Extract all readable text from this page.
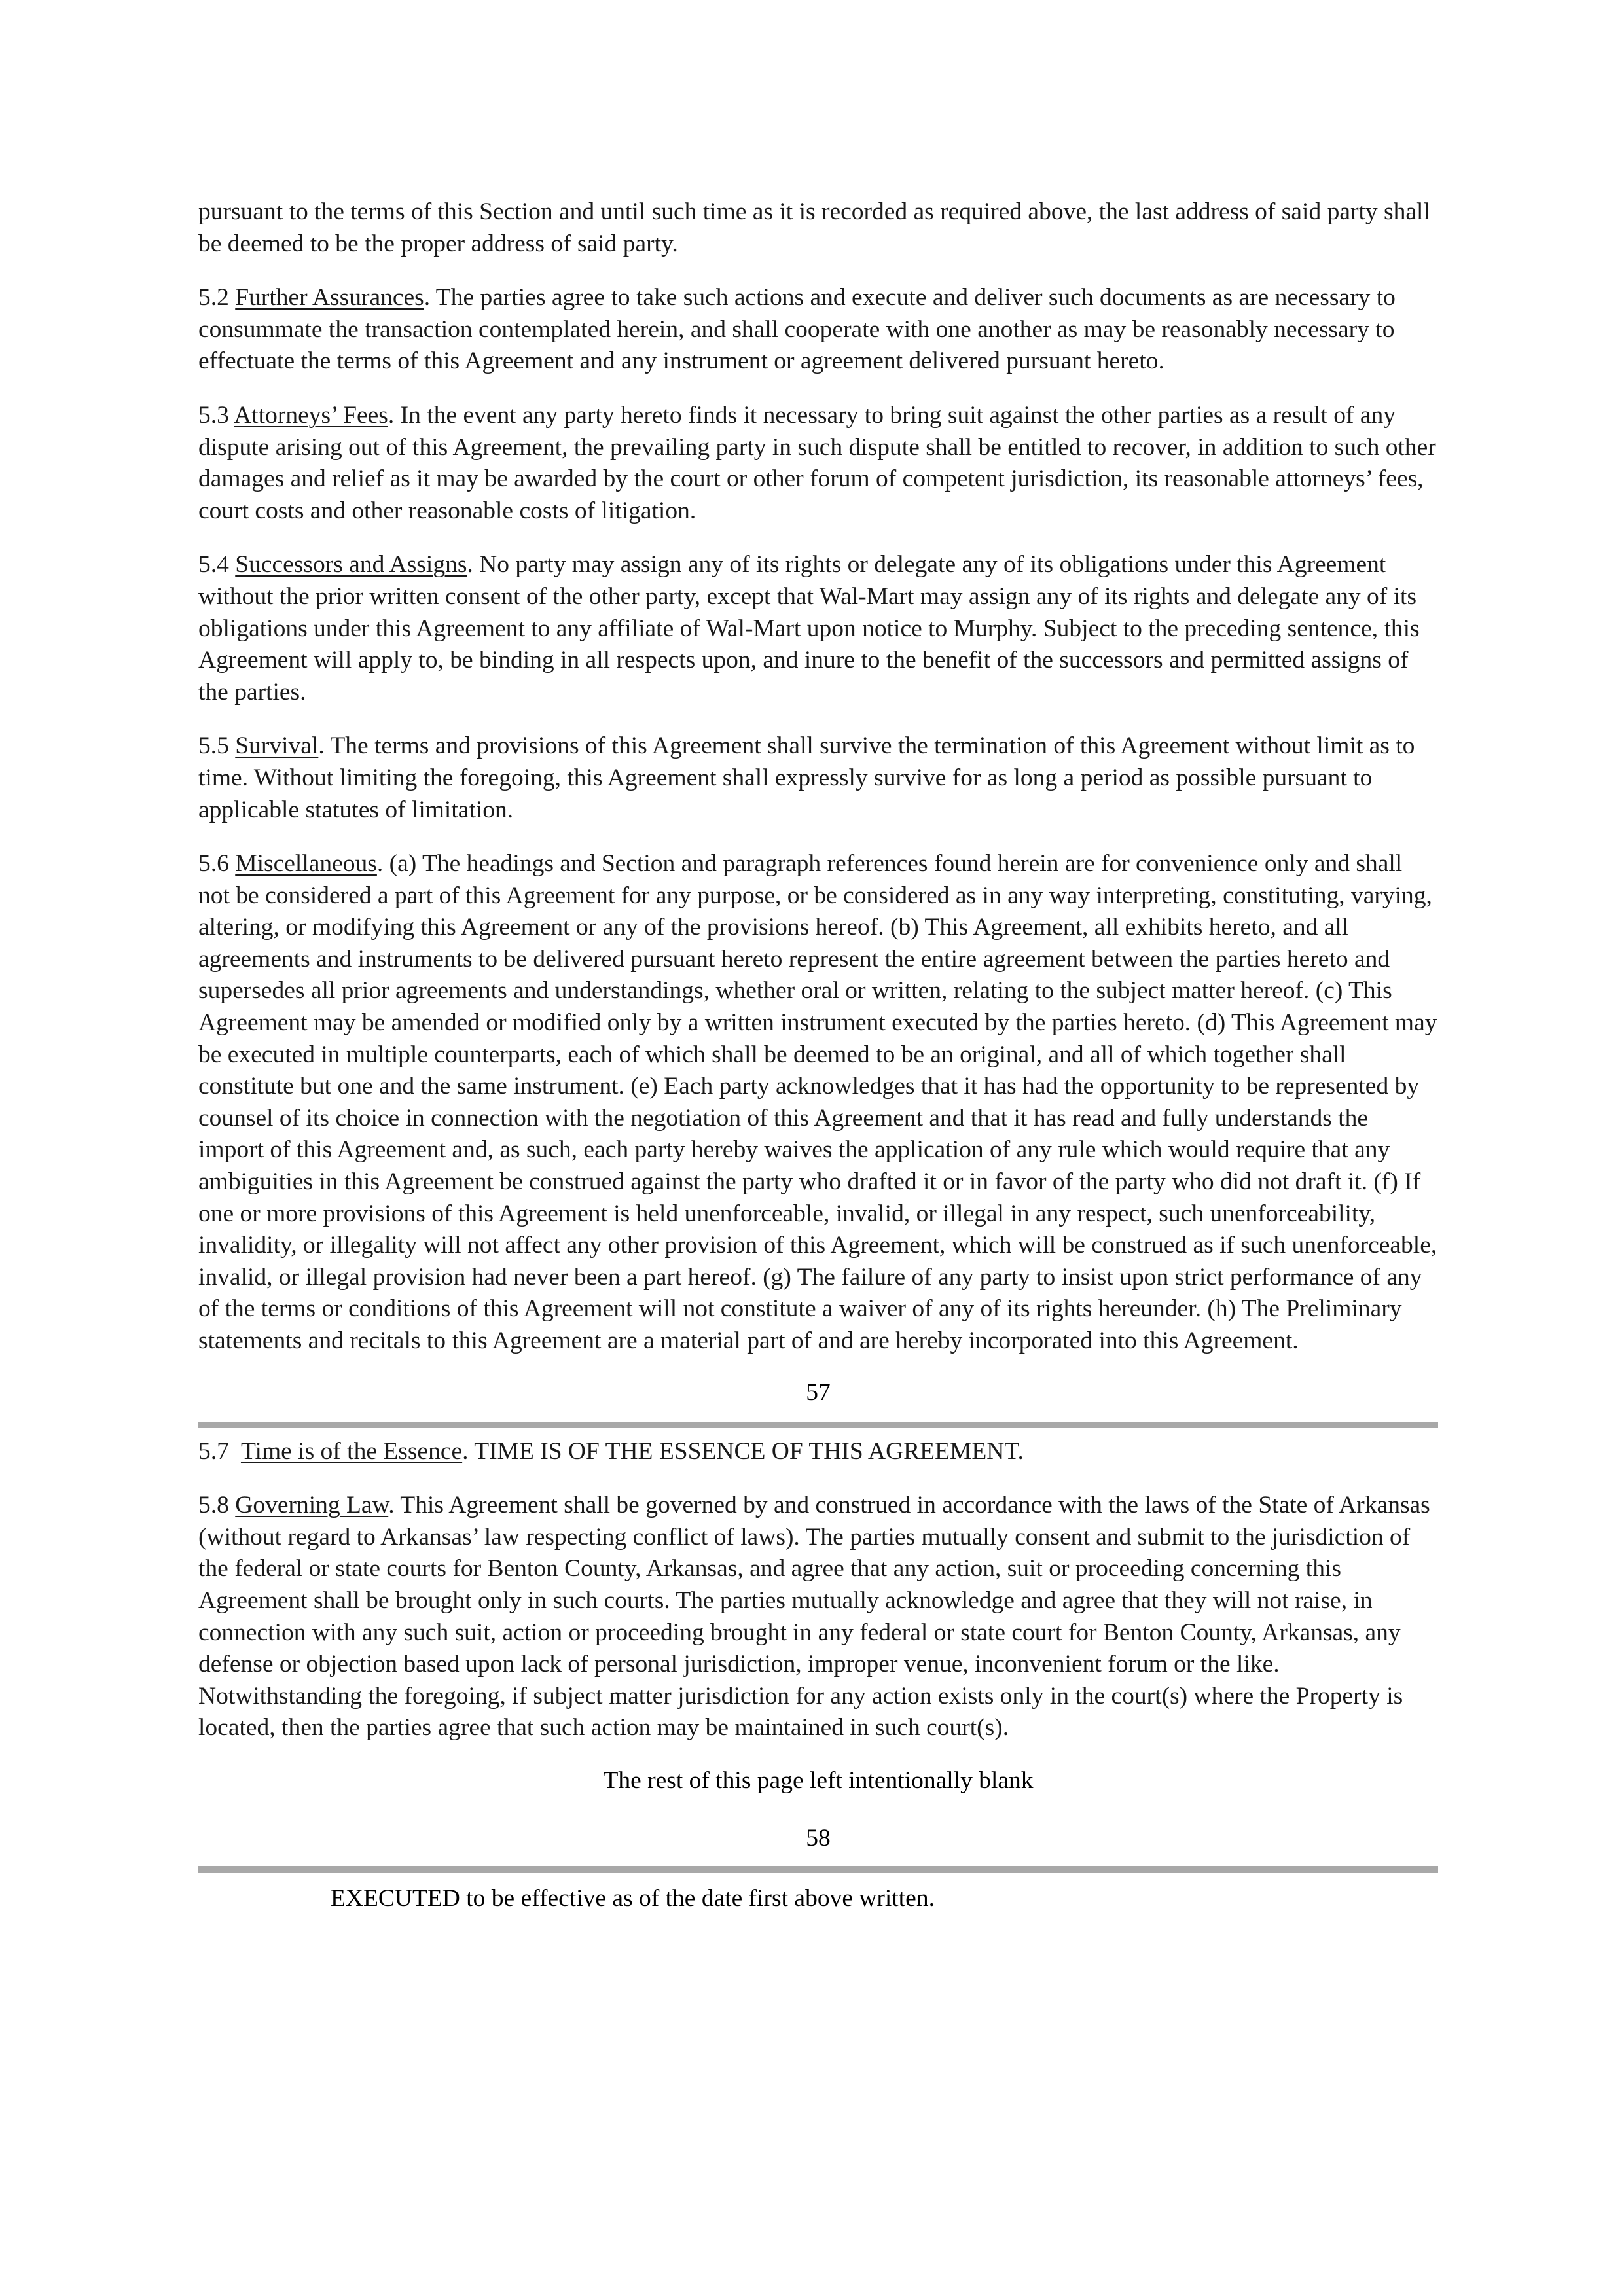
pursuant to the terms of this Section and until such time as it is recorded as required above, the last address of said party shall be deemed to be the proper address of said party.

5.2 Further Assurances. The parties agree to take such actions and execute and deliver such documents as are necessary to consummate the transaction contemplated herein, and shall cooperate with one another as may be reasonably necessary to effectuate the terms of this Agreement and any instrument or agreement delivered pursuant hereto.

5.3 Attorneys’ Fees. In the event any party hereto finds it necessary to bring suit against the other parties as a result of any dispute arising out of this Agreement, the prevailing party in such dispute shall be entitled to recover, in addition to such other damages and relief as it may be awarded by the court or other forum of competent jurisdiction, its reasonable attorneys’ fees, court costs and other reasonable costs of litigation.

5.4 Successors and Assigns. No party may assign any of its rights or delegate any of its obligations under this Agreement without the prior written consent of the other party, except that Wal-Mart may assign any of its rights and delegate any of its obligations under this Agreement to any affiliate of Wal-Mart upon notice to Murphy. Subject to the preceding sentence, this Agreement will apply to, be binding in all respects upon, and inure to the benefit of the successors and permitted assigns of the parties.

5.5 Survival. The terms and provisions of this Agreement shall survive the termination of this Agreement without limit as to time. Without limiting the foregoing, this Agreement shall expressly survive for as long a period as possible pursuant to applicable statutes of limitation.

5.6 Miscellaneous. (a) The headings and Section and paragraph references found herein are for convenience only and shall not be considered a part of this Agreement for any purpose, or be considered as in any way interpreting, constituting, varying, altering, or modifying this Agreement or any of the provisions hereof. (b) This Agreement, all exhibits hereto, and all agreements and instruments to be delivered pursuant hereto represent the entire agreement between the parties hereto and supersedes all prior agreements and understandings, whether oral or written, relating to the subject matter hereof. (c) This Agreement may be amended or modified only by a written instrument executed by the parties hereto. (d) This Agreement may be executed in multiple counterparts, each of which shall be deemed to be an original, and all of which together shall constitute but one and the same instrument. (e) Each party acknowledges that it has had the opportunity to be represented by counsel of its choice in connection with the negotiation of this Agreement and that it has read and fully understands the import of this Agreement and, as such, each party hereby waives the application of any rule which would require that any ambiguities in this Agreement be construed against the party who drafted it or in favor of the party who did not draft it. (f) If one or more provisions of this Agreement is held unenforceable, invalid, or illegal in any respect, such unenforceability, invalidity, or illegality will not affect any other provision of this Agreement, which will be construed as if such unenforceable, invalid, or illegal provision had never been a part hereof. (g) The failure of any party to insist upon strict performance of any of the terms or conditions of this Agreement will not constitute a waiver of any of its rights hereunder. (h) The Preliminary statements and recitals to this Agreement are a material part of and are hereby incorporated into this Agreement.

57

5.7 Time is of the Essence. TIME IS OF THE ESSENCE OF THIS AGREEMENT.

5.8 Governing Law. This Agreement shall be governed by and construed in accordance with the laws of the State of Arkansas (without regard to Arkansas’ law respecting conflict of laws). The parties mutually consent and submit to the jurisdiction of the federal or state courts for Benton County, Arkansas, and agree that any action, suit or proceeding concerning this Agreement shall be brought only in such courts. The parties mutually acknowledge and agree that they will not raise, in connection with any such suit, action or proceeding brought in any federal or state court for Benton County, Arkansas, any defense or objection based upon lack of personal jurisdiction, improper venue, inconvenient forum or the like. Notwithstanding the foregoing, if subject matter jurisdiction for any action exists only in the court(s) where the Property is located, then the parties agree that such action may be maintained in such court(s).

The rest of this page left intentionally blank

58

EXECUTED to be effective as of the date first above written.
